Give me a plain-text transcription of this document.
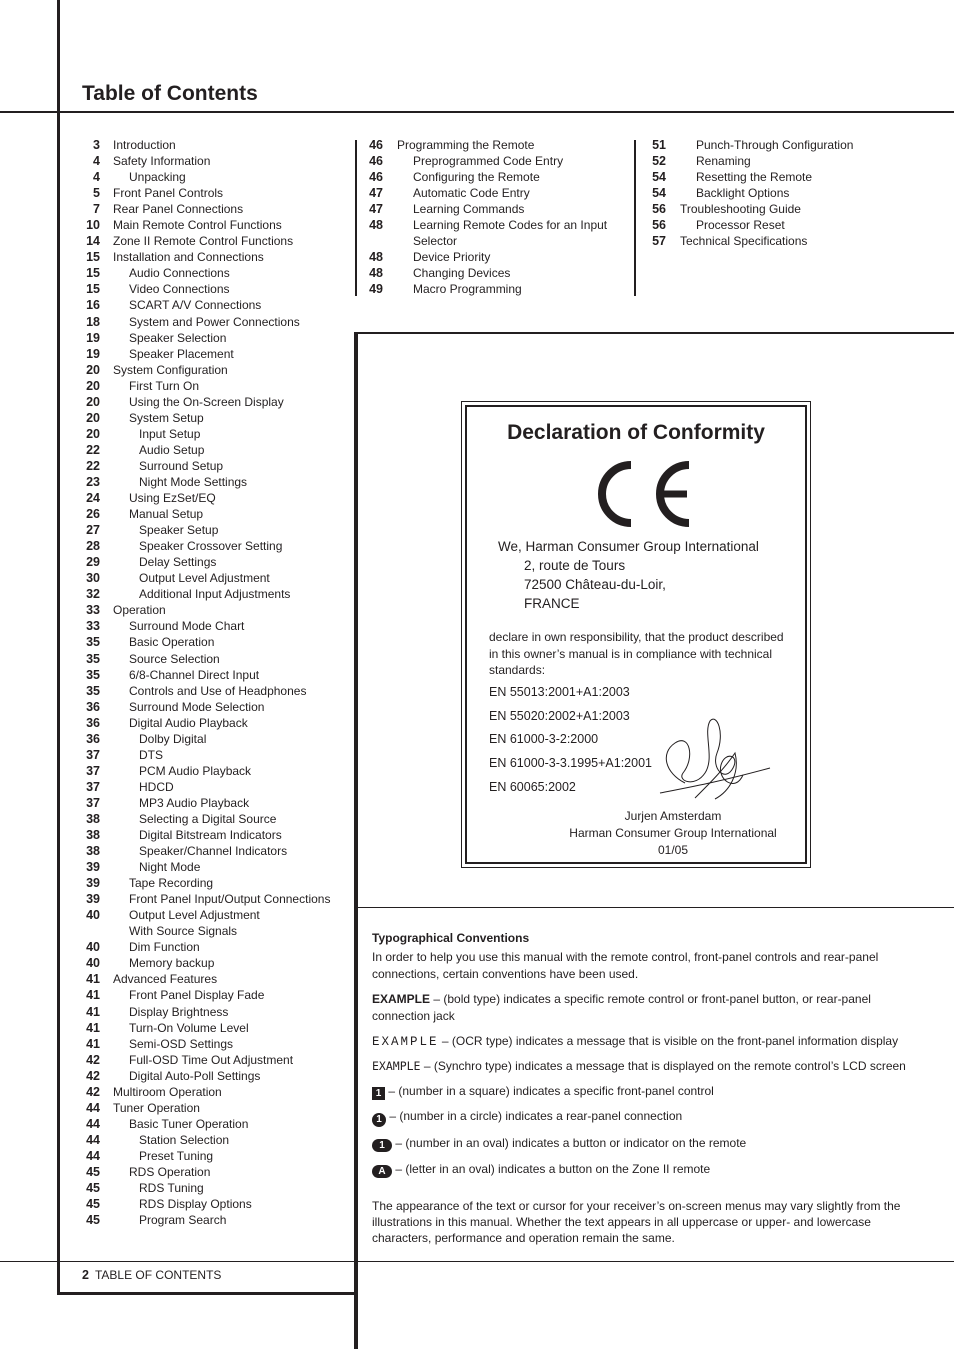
Table of Contents
3 Introduction
4 Safety Information
4 Unpacking
5 Front Panel Controls
7 Rear Panel Connections
10 Main Remote Control Functions
14 Zone II Remote Control Functions
15 Installation and Connections
15 Audio Connections
15 Video Connections
16 SCART A/V Connections
18 System and Power Connections
19 Speaker Selection
19 Speaker Placement
20 System Configuration
20 First Turn On
20 Using the On-Screen Display
20 System Setup
20	Input Setup
22	Audio Setup
22	Surround Setup
23	Night Mode Settings
24 Using EzSet/EQ
26 Manual Setup
27	Speaker Setup
28	Speaker Crossover Setting
29	Delay Settings
30	Output Level Adjustment
32	Additional Input Adjustments
33 Operation
33 Surround Mode Chart
35 Basic Operation
35 Source Selection
35 6/8-Channel Direct Input
35 Controls and Use of Headphones
36 Surround Mode Selection
36 Digital Audio Playback
36	Dolby Digital
37	DTS
37	PCM Audio Playback
37	HDCD
37	MP3 Audio Playback
38	Selecting a Digital Source
38	Digital Bitstream Indicators
38	Speaker/Channel Indicators
39	Night Mode
39 Tape Recording
39 Front Panel Input/Output Connections
40 Output Level Adjustment
With Source Signals
40 Dim Function
40 Memory backup
41 Advanced Features
41 Front Panel Display Fade
41 Display Brightness
41 Turn-On Volume Level
41 Semi-OSD Settings
42 Full-OSD Time Out Adjustment
42 Digital Auto-Poll Settings
42 Multiroom Operation
44 Tuner Operation
44 Basic Tuner Operation
44	Station Selection
44	Preset Tuning
45 RDS Operation
45	RDS Tuning
45	RDS Display Options
45	Program Search
46 Programming the Remote
46	Preprogrammed Code Entry
46	Configuring the Remote
47	Automatic Code Entry
47	Learning Commands
48	Learning Remote Codes for an Input
Selector
48	Device Priority
48	Changing Devices
49	Macro Programming
51	Punch-Through Configuration
52	Renaming
54	Resetting the Remote
54	Backlight Options
56 Troubleshooting Guide
56	Processor Reset
57 Technical Specifications
Declaration of Conformity
We, Harman Consumer Group International
2, route de Tours
72500 Château-du-Loir,
FRANCE
declare in own responsibility, that the product described in this owner’s manual is in compliance with technical standards:
EN 55013:2001+A1:2003
EN 55020:2002+A1:2003
EN 61000-3-2:2000
EN 61000-3-3.1995+A1:2001
EN 60065:2002
Jurjen Amsterdam
Harman Consumer Group International
01/05

Typographical Conventions

In order to help you use this manual with the remote control, front-panel controls and rear-panel connections, certain conventions have been used.

EXAMPLE – (bold type) indicates a specific remote control or front-panel button, or rear-panel connection jack

EXAMPLE – (OCR type) indicates a message that is visible on the front-panel information display

EXAMPLE – (Synchro type) indicates a message that is displayed on the remote control’s LCD screen

1 – (number in a square) indicates a specific front-panel control

1 – (number in a circle) indicates a rear-panel connection

1 – (number in an oval) indicates a button or indicator on the remote

A – (letter in an oval) indicates a button on the Zone II remote

The appearance of the text or cursor for your receiver’s on-screen menus may vary slightly from the illustrations in this manual. Whether the text appears in all uppercase or upper- and lowercase characters, performance and operation remain the same.

2 TABLE OF CONTENTS
